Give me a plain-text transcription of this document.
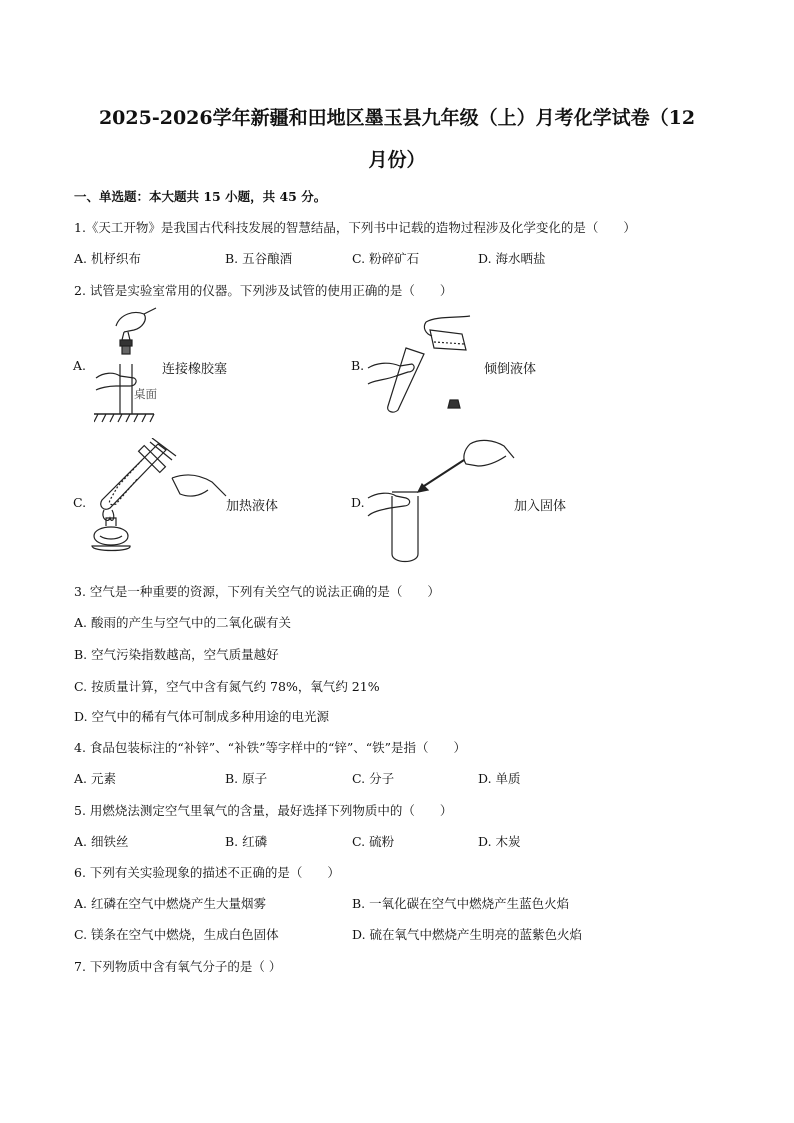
2025-2026学年新疆和田地区墨玉县九年级（上）月考化学试卷（12
月份）
一、单选题：本大题共 15 小题，共 45 分。
1.《天工开物》是我国古代科技发展的智慧结晶，下列书中记载的造物过程涉及化学变化的是（　　）
A. 机杼织布	B. 五谷酿酒	C. 粉碎矿石	D. 海水晒盐
2. 试管是实验室常用的仪器。下列涉及试管的使用正确的是（　　）
A.
桌面
连接橡胶塞	B.	倾倒液体
C.	加热液体	D.	加入固体
3. 空气是一种重要的资源，下列有关空气的说法正确的是（　　）
A. 酸雨的产生与空气中的二氧化碳有关
B. 空气污染指数越高，空气质量越好
C. 按质量计算，空气中含有氮气约 78%，氧气约 21%
D. 空气中的稀有气体可制成多种用途的电光源
4. 食品包装标注的“补锌”、“补铁”等字样中的“锌”、“铁”是指（　　）
A. 元素	B. 原子	C. 分子	D. 单质
5. 用燃烧法测定空气里氧气的含量，最好选择下列物质中的（　　）
A. 细铁丝	B. 红磷	C. 硫粉	D. 木炭
6. 下列有关实验现象的描述不正确的是（　　）
A. 红磷在空气中燃烧产生大量烟雾	B. 一氧化碳在空气中燃烧产生蓝色火焰
C. 镁条在空气中燃烧，生成白色固体	D. 硫在氧气中燃烧产生明亮的蓝紫色火焰
7. 下列物质中含有氧气分子的是（ ）
